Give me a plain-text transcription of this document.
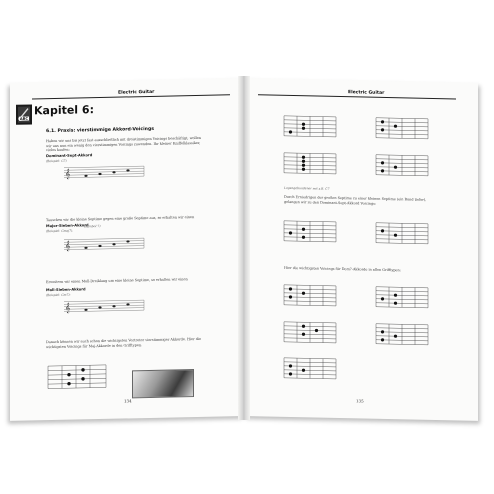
Electric Guitar
ABC
Kapitel 6:
6.1. Praxis: vierstimmige Akkord-Voicings
Haben wir uns bis jetzt fast ausschließlich mit dreistimmigen Voicings beschäftigt, wollen wir uns nun ein wenig den vierstimmigen Voicings zuwenden. Ihr kleiner Kniffelklassiker, vieles kaufen:
Dominant-Sept-Akkord
(Beispiel: G7)
𝄞
Tauschen wir die kleine Septime gegen eine große Septime aus, so erhalten wir einen
Major-Sieben-Akkord
(Symbol 7)
(Beispiel: Gmaj7).
𝄞
Erweitern wir einen Moll-Dreiklang um eine kleine Septime, so erhalten wir einen
Moll-Sieben-Akkord
(Beispiel: Gm7):
𝄞
Danach können wir auch schon die wichtigsten Vertreter vierstimmiger Akkorde. Hier die wichtigsten Voicings für Maj-Akkorde in den Grifftypen.
134
Electric Guitar
Lagengebundener mit z.B. C7
Durch Erniedrigen der großen Septime zu einer kleinen Septime (ein Bund tiefer), gelangen wir zu den Dominant-Sept-Akkord Voicings:
Hier die wichtigsten Voicings für Dom7-Akkorde in allen Grifftypen:
135
